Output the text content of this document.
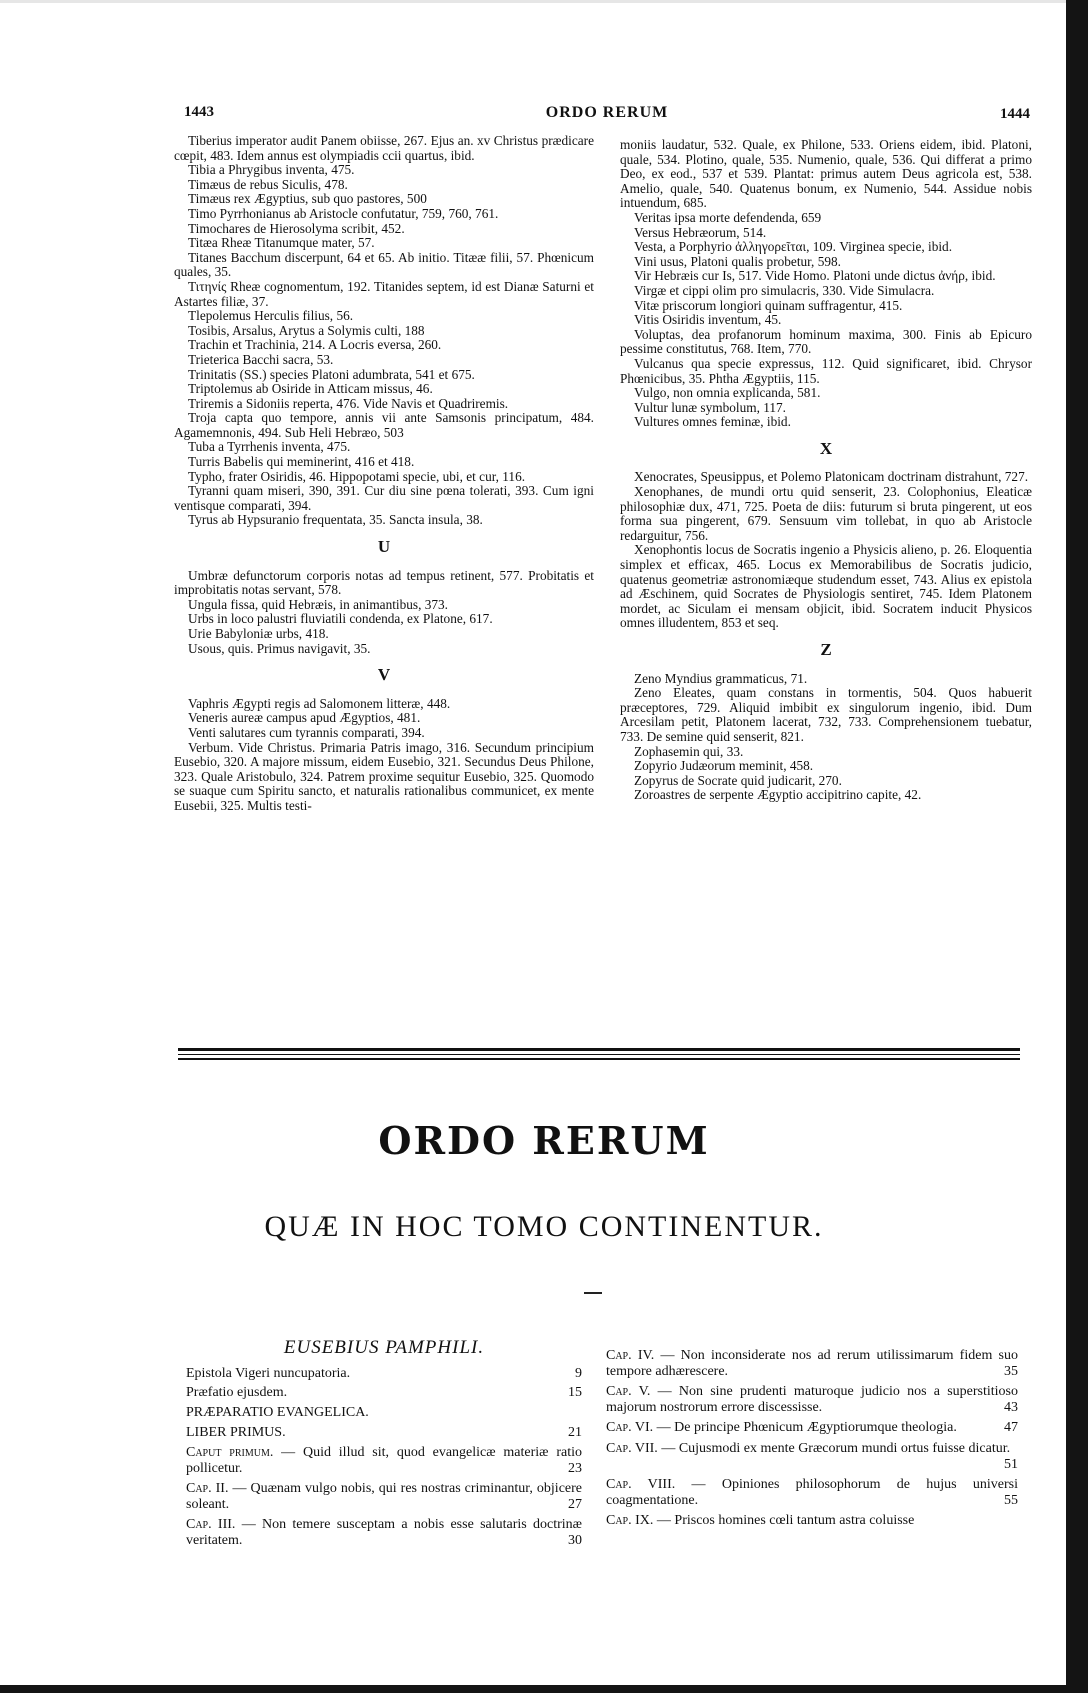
1443	ORDO RERUM	1444

Tiberius imperator audit Panem obiisse, 267. Ejus an. xv Christus prædicare cœpit, 483. Idem annus est olympiadis ccii quartus, ibid.

Tibia a Phrygibus inventa, 475.

Timæus de rebus Siculis, 478.

Timæus rex Ægyptius, sub quo pastores, 500

Timo Pyrrhonianus ab Aristocle confutatur, 759, 760, 761.

Timochares de Hierosolyma scribit, 452.

Titæa Rheæ Titanumque mater, 57.

Titanes Bacchum discerpunt, 64 et 65. Ab initio. Titææ filii, 57. Phœnicum quales, 35.

Τιτηνίς Rheæ cognomentum, 192. Titanides septem, id est Dianæ Saturni et Astartes filiæ, 37.

Tlepolemus Herculis filius, 56.

Tosibis, Arsalus, Arytus a Solymis culti, 188

Trachin et Trachinia, 214. A Locris eversa, 260.

Trieterica Bacchi sacra, 53.

Trinitatis (SS.) species Platoni adumbrata, 541 et 675.

Triptolemus ab Osiride in Atticam missus, 46.

Triremis a Sidoniis reperta, 476. Vide Navis et Quadriremis.

Troja capta quo tempore, annis vii ante Samsonis principatum, 484. Agamemnonis, 494. Sub Heli Hebræo, 503

Tuba a Tyrrhenis inventa, 475.

Turris Babelis qui meminerint, 416 et 418.

Typho, frater Osiridis, 46. Hippopotami specie, ubi, et cur, 116.

Tyranni quam miseri, 390, 391. Cur diu sine pœna tolerati, 393. Cum igni ventisque comparati, 394.

Tyrus ab Hypsuranio frequentata, 35. Sancta insula, 38.

U

Umbræ defunctorum corporis notas ad tempus retinent, 577. Probitatis et improbitatis notas servant, 578.

Ungula fissa, quid Hebræis, in animantibus, 373.

Urbs in loco palustri fluviatili condenda, ex Platone, 617.

Urie Babyloniæ urbs, 418.

Usous, quis. Primus navigavit, 35.

V

Vaphris Ægypti regis ad Salomonem litteræ, 448.

Veneris aureæ campus apud Ægyptios, 481.

Venti salutares cum tyrannis comparati, 394.

Verbum. Vide Christus. Primaria Patris imago, 316. Secundum principium Eusebio, 320. A majore missum, eidem Eusebio, 321. Secundus Deus Philone, 323. Quale Aristobulo, 324. Patrem proxime sequitur Eusebio, 325. Quomodo se suaque cum Spiritu sancto, et naturalis rationalibus communicet, ex mente Eusebii, 325. Multis testi-

moniis laudatur, 532. Quale, ex Philone, 533. Oriens eidem, ibid. Platoni, quale, 534. Plotino, quale, 535. Numenio, quale, 536. Qui differat a primo Deo, ex eod., 537 et 539. Plantat: primus autem Deus agricola est, 538. Amelio, quale, 540. Quatenus bonum, ex Numenio, 544. Assidue nobis intuendum, 685.

Veritas ipsa morte defendenda, 659

Versus Hebræorum, 514.

Vesta, a Porphyrio ἀλληγορεῖται, 109. Virginea specie, ibid.

Vini usus, Platoni qualis probetur, 598.

Vir Hebræis cur Is, 517. Vide Homo. Platoni unde dictus ἀνήρ, ibid.

Virgæ et cippi olim pro simulacris, 330. Vide Simulacra.

Vitæ priscorum longiori quinam suffragentur, 415.

Vitis Osiridis inventum, 45.

Voluptas, dea profanorum hominum maxima, 300. Finis ab Epicuro pessime constitutus, 768. Item, 770.

Vulcanus qua specie expressus, 112. Quid significaret, ibid. Chrysor Phœnicibus, 35. Phtha Ægyptiis, 115.

Vulgo, non omnia explicanda, 581.

Vultur lunæ symbolum, 117.

Vultures omnes feminæ, ibid.

X

Xenocrates, Speusippus, et Polemo Platonicam doctrinam distrahunt, 727.

Xenophanes, de mundi ortu quid senserit, 23. Colophonius, Eleaticæ philosophiæ dux, 471, 725. Poeta de diis: futurum si bruta pingerent, ut eos forma sua pingerent, 679. Sensuum vim tollebat, in quo ab Aristocle redarguitur, 756.

Xenophontis locus de Socratis ingenio a Physicis alieno, p. 26. Eloquentia simplex et efficax, 465. Locus ex Memorabilibus de Socratis judicio, quatenus geometriæ astronomiæque studendum esset, 743. Alius ex epistola ad Æschinem, quid Socrates de Physiologis sentiret, 745. Idem Platonem mordet, ac Siculam ei mensam objicit, ibid. Socratem inducit Physicos omnes illudentem, 853 et seq.

Z

Zeno Myndius grammaticus, 71.

Zeno Eleates, quam constans in tormentis, 504. Quos habuerit præceptores, 729. Aliquid imbibit ex singulorum ingenio, ibid. Dum Arcesilam petit, Platonem lacerat, 732, 733. Comprehensionem tuebatur, 733. De semine quid senserit, 821.

Zophasemin qui, 33.

Zopyrio Judæorum meminit, 458.

Zopyrus de Socrate quid judicarit, 270.

Zoroastres de serpente Ægyptio accipitrino capite, 42.

ORDO RERUM
QUÆ IN HOC TOMO CONTINENTUR.

EUSEBIUS PAMPHILI.

Epistola Vigeri nuncupatoria.	9
Præfatio ejusdem.	15
PRÆPARATIO EVANGELICA.
LIBER PRIMUS.	21
Caput primum. — Quid illud sit, quod evangelicæ materiæ ratio pollicetur.	23
Cap. II. — Quænam vulgo nobis, qui res nostras criminantur, objicere soleant.	27
Cap. III. — Non temere susceptam a nobis esse salutaris doctrinæ veritatem.	30
Cap. IV. — Non inconsiderate nos ad rerum utilissimarum fidem suo tempore adhærescere.	35
Cap. V. — Non sine prudenti maturoque judicio nos a superstitioso majorum nostrorum errore discessisse.	43
Cap. VI. — De principe Phœnicum Ægyptiorumque theologia.	47
Cap. VII. — Cujusmodi ex mente Græcorum mundi ortus fuisse dicatur.
51
Cap. VIII. — Opiniones philosophorum de hujus universi coagmentatione.	55
Cap. IX. — Priscos homines cœli tantum astra coluisse
